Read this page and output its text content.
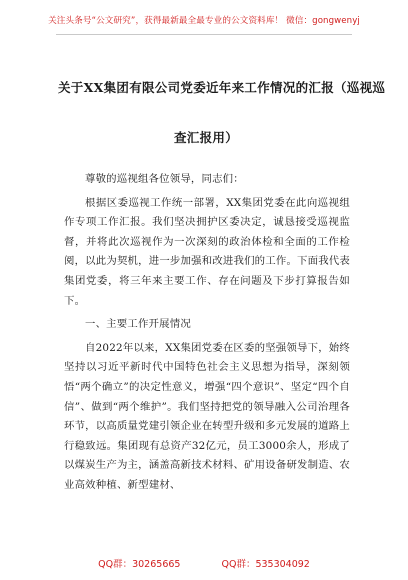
关注头条号“公文研究”，获得最新最全最专业的公文资料库！ 微信：gongwenyj
关于XX集团有限公司党委近年来工作情况的汇报（巡视巡
查汇报用）

尊敬的巡视组各位领导，同志们：

根据区委巡视工作统一部署，XX集团党委在此向巡视组作专项工作汇报。我们坚决拥护区委决定，诚恳接受巡视监督，并将此次巡视作为一次深刻的政治体检和全面的工作检阅，以此为契机，进一步加强和改进我们的工作。下面我代表集团党委，将三年来主要工作、存在问题及下步打算报告如下。

一、主要工作开展情况

自2022年以来，XX集团党委在区委的坚强领导下，始终坚持以习近平新时代中国特色社会主义思想为指导，深刻领悟“两个确立”的决定性意义，增强“四个意识”、坚定“四个自信”、做到“两个维护”。我们坚持把党的领导融入公司治理各环节，以高质量党建引领企业在转型升级和多元发展的道路上行稳致远。集团现有总资产32亿元，员工3000余人，形成了以煤炭生产为主，涵盖高新技术材料、矿用设备研发制造、农业高效种植、新型建材、

QQ群：30265665	QQ群：535304092
